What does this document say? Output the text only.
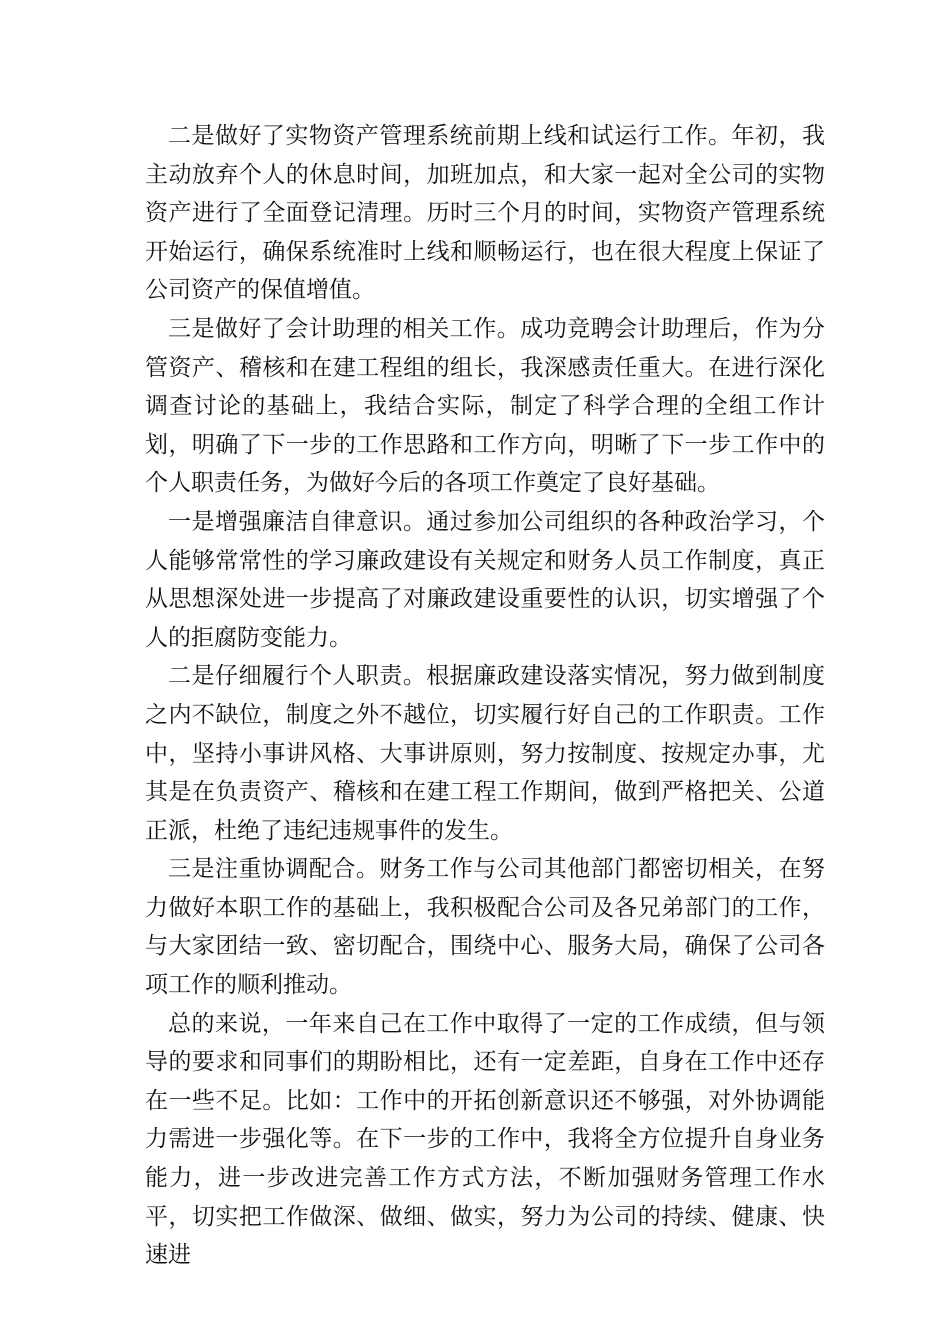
二是做好了实物资产管理系统前期上线和试运行工作。年初，我主动放弃个人的休息时间，加班加点，和大家一起对全公司的实物资产进行了全面登记清理。历时三个月的时间，实物资产管理系统开始运行，确保系统准时上线和顺畅运行，也在很大程度上保证了公司资产的保值增值。

三是做好了会计助理的相关工作。成功竞聘会计助理后，作为分管资产、稽核和在建工程组的组长，我深感责任重大。在进行深化调查讨论的基础上，我结合实际，制定了科学合理的全组工作计划，明确了下一步的工作思路和工作方向，明晰了下一步工作中的个人职责任务，为做好今后的各项工作奠定了良好基础。

一是增强廉洁自律意识。通过参加公司组织的各种政治学习，个人能够常常性的学习廉政建设有关规定和财务人员工作制度，真正从思想深处进一步提高了对廉政建设重要性的认识，切实增强了个人的拒腐防变能力。

二是仔细履行个人职责。根据廉政建设落实情况，努力做到制度之内不缺位，制度之外不越位，切实履行好自己的工作职责。工作中，坚持小事讲风格、大事讲原则，努力按制度、按规定办事，尤其是在负责资产、稽核和在建工程工作期间，做到严格把关、公道正派，杜绝了违纪违规事件的发生。

三是注重协调配合。财务工作与公司其他部门都密切相关，在努力做好本职工作的基础上，我积极配合公司及各兄弟部门的工作，与大家团结一致、密切配合，围绕中心、服务大局，确保了公司各项工作的顺利推动。

总的来说，一年来自己在工作中取得了一定的工作成绩，但与领导的要求和同事们的期盼相比，还有一定差距，自身在工作中还存在一些不足。比如：工作中的开拓创新意识还不够强，对外协调能力需进一步强化等。在下一步的工作中，我将全方位提升自身业务能力，进一步改进完善工作方式方法，不断加强财务管理工作水平，切实把工作做深、做细、做实，努力为公司的持续、健康、快速进
